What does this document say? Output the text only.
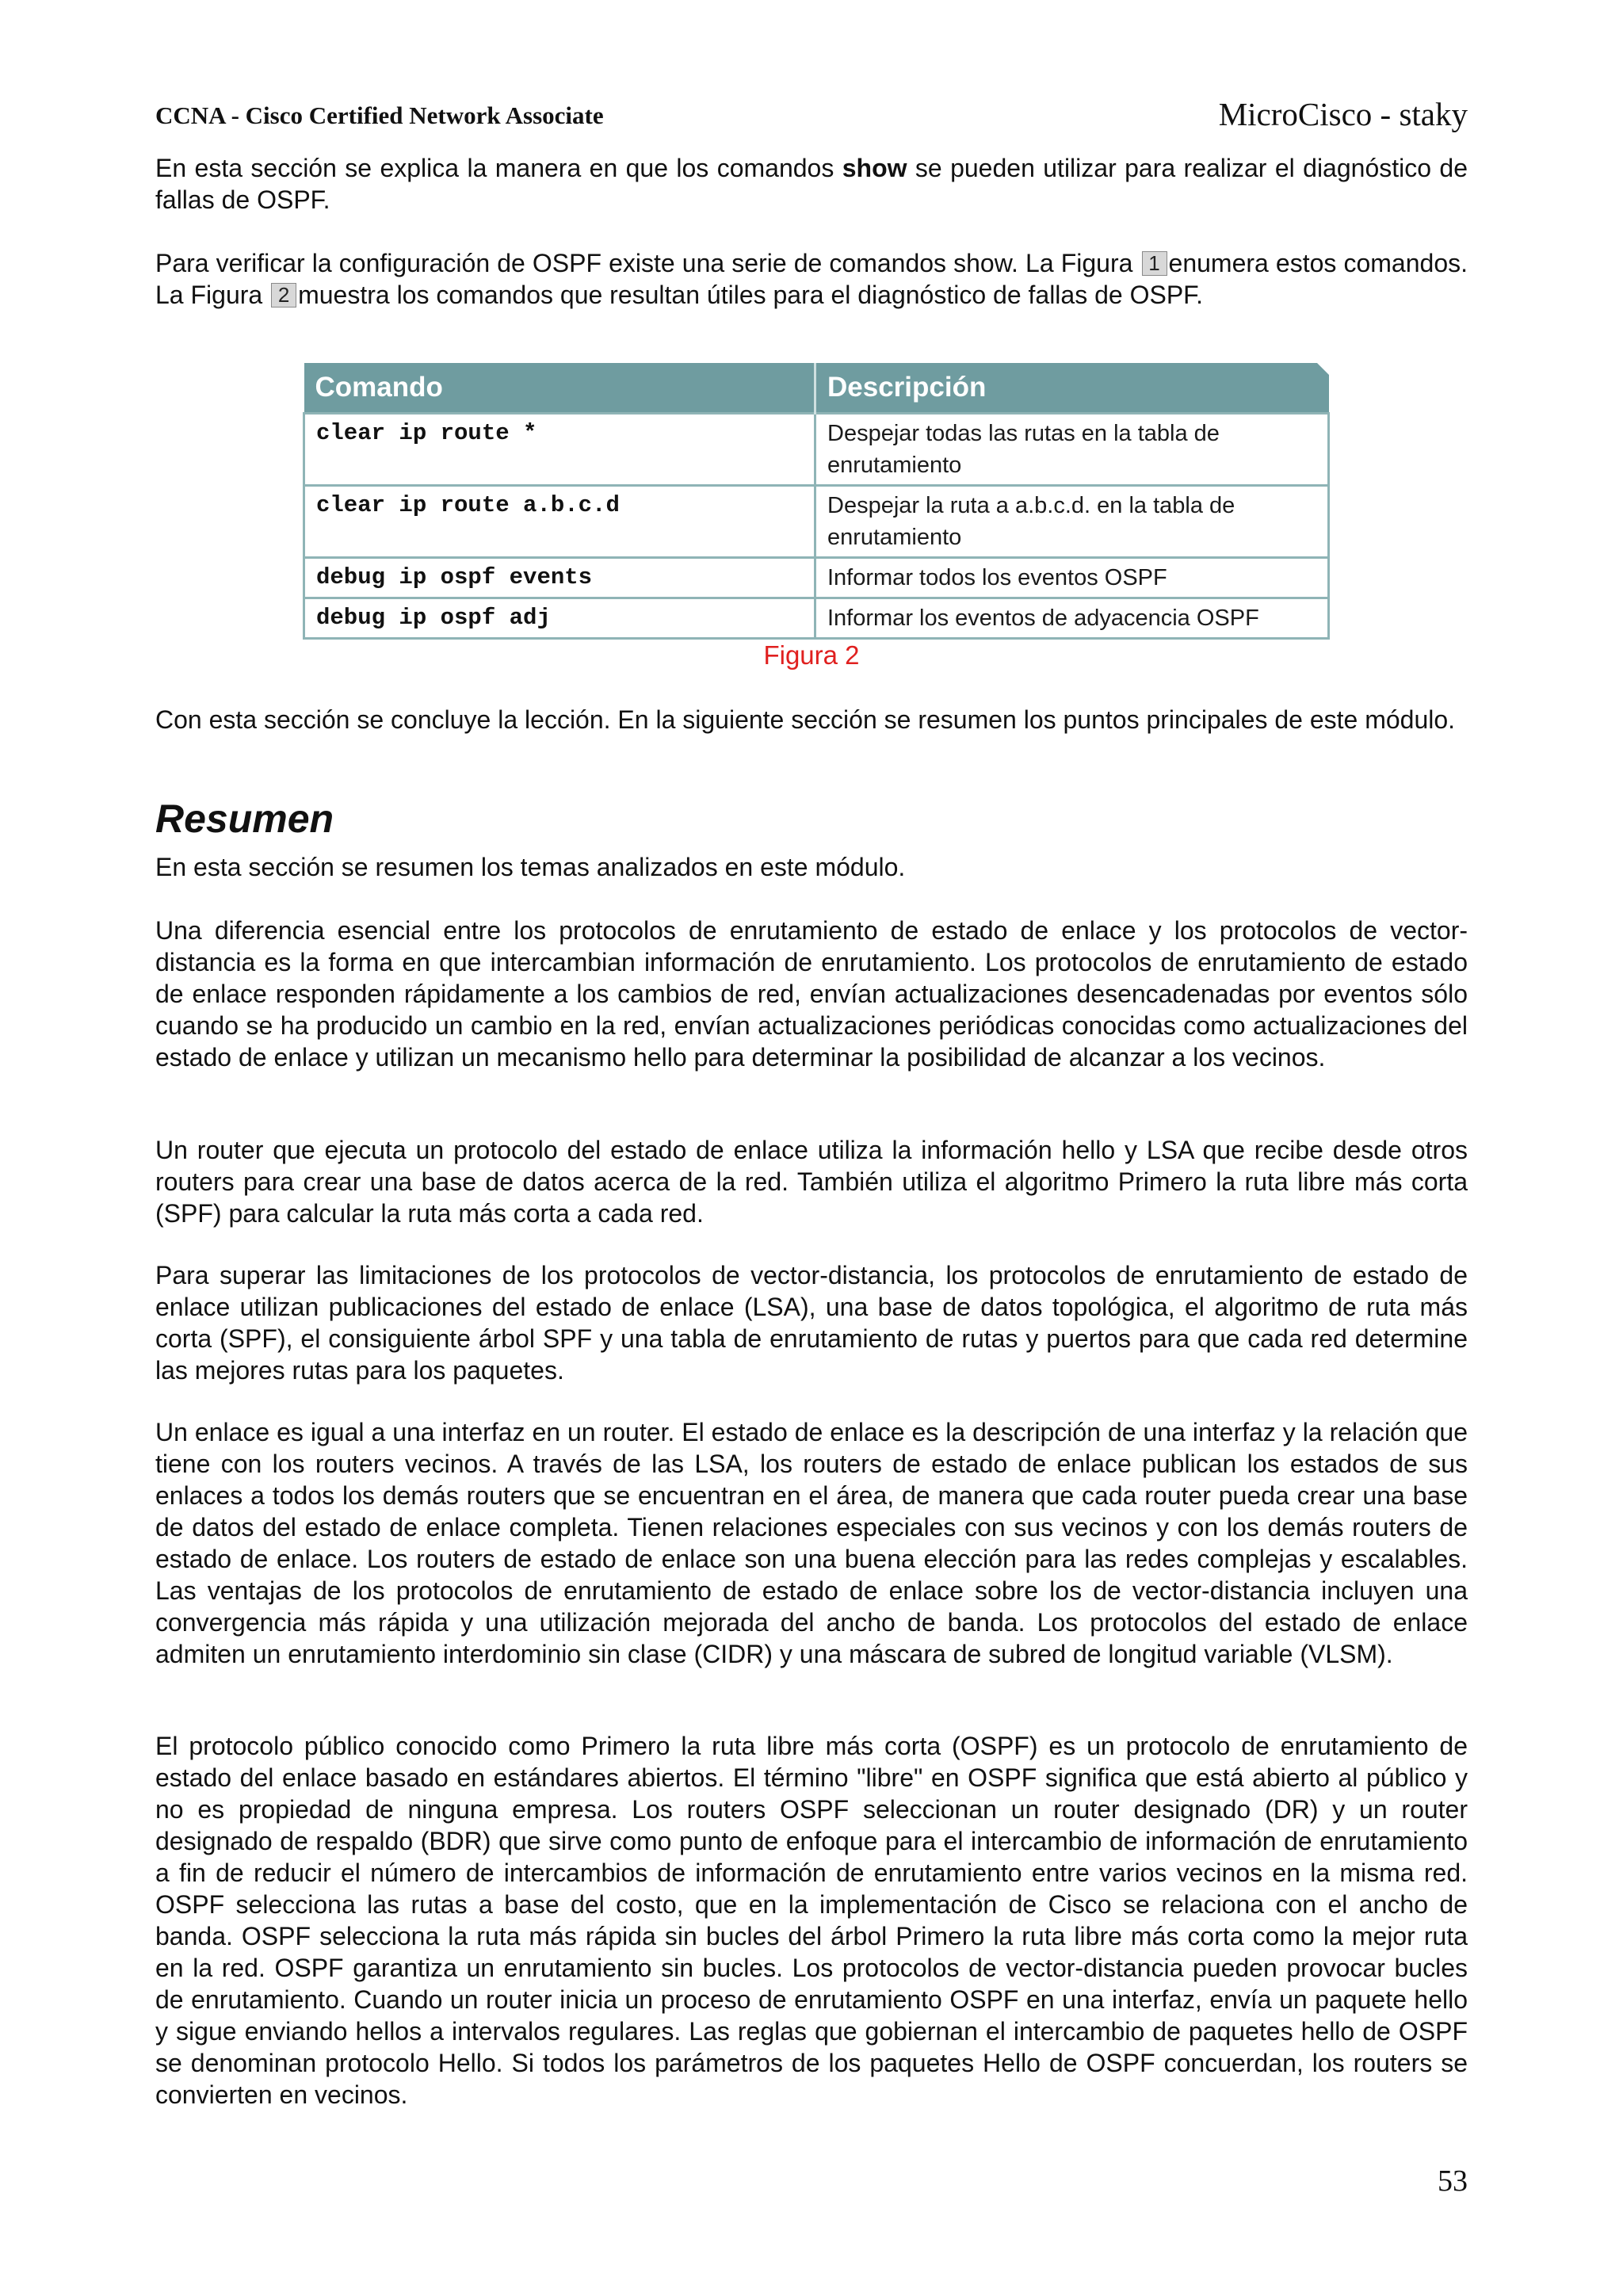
CCNA - Cisco Certified Network Associate	MicroCisco - staky

En esta sección se explica la manera en que los comandos show se pueden utilizar para realizar el diagnóstico de fallas de OSPF.

Para verificar la configuración de OSPF existe una serie de comandos show. La Figura 1 enumera estos comandos. La Figura 2 muestra los comandos que resultan útiles para el diagnóstico de fallas de OSPF.

Comando	Descripción
clear ip route *	Despejar todas las rutas en la tabla de enrutamiento
clear ip route a.b.c.d	Despejar la ruta a a.b.c.d. en la tabla de enrutamiento
debug ip ospf events	Informar todos los eventos OSPF
debug ip ospf adj	Informar los eventos de adyacencia OSPF
Figura 2

Con esta sección se concluye la lección. En la siguiente sección se resumen los puntos principales de este módulo.

Resumen

En esta sección se resumen los temas analizados en este módulo.

Una diferencia esencial entre los protocolos de enrutamiento de estado de enlace y los protocolos de vector-distancia es la forma en que intercambian información de enrutamiento. Los protocolos de enrutamiento de estado de enlace responden rápidamente a los cambios de red, envían actualizaciones desencadenadas por eventos sólo cuando se ha producido un cambio en la red, envían actualizaciones periódicas conocidas como actualizaciones del estado de enlace y utilizan un mecanismo hello para determinar la posibilidad de alcanzar a los vecinos.

Un router que ejecuta un protocolo del estado de enlace utiliza la información hello y LSA que recibe desde otros routers para crear una base de datos acerca de la red. También utiliza el algoritmo Primero la ruta libre más corta (SPF) para calcular la ruta más corta a cada red.

Para superar las limitaciones de los protocolos de vector-distancia, los protocolos de enrutamiento de estado de enlace utilizan publicaciones del estado de enlace (LSA), una base de datos topológica, el algoritmo de ruta más corta (SPF), el consiguiente árbol SPF y una tabla de enrutamiento de rutas y puertos para que cada red determine las mejores rutas para los paquetes.

Un enlace es igual a una interfaz en un router. El estado de enlace es la descripción de una interfaz y la relación que tiene con los routers vecinos. A través de las LSA, los routers de estado de enlace publican los estados de sus enlaces a todos los demás routers que se encuentran en el área, de manera que cada router pueda crear una base de datos del estado de enlace completa. Tienen relaciones especiales con sus vecinos y con los demás routers de estado de enlace. Los routers de estado de enlace son una buena elección para las redes complejas y escalables. Las ventajas de los protocolos de enrutamiento de estado de enlace sobre los de vector-distancia incluyen una convergencia más rápida y una utilización mejorada del ancho de banda. Los protocolos del estado de enlace admiten un enrutamiento interdominio sin clase (CIDR) y una máscara de subred de longitud variable (VLSM).

El protocolo público conocido como Primero la ruta libre más corta (OSPF) es un protocolo de enrutamiento de estado del enlace basado en estándares abiertos. El término "libre" en OSPF significa que está abierto al público y no es propiedad de ninguna empresa. Los routers OSPF seleccionan un router designado (DR) y un router designado de respaldo (BDR) que sirve como punto de enfoque para el intercambio de información de enrutamiento a fin de reducir el número de intercambios de información de enrutamiento entre varios vecinos en la misma red. OSPF selecciona las rutas a base del costo, que en la implementación de Cisco se relaciona con el ancho de banda. OSPF selecciona la ruta más rápida sin bucles del árbol Primero la ruta libre más corta como la mejor ruta en la red. OSPF garantiza un enrutamiento sin bucles. Los protocolos de vector-distancia pueden provocar bucles de enrutamiento. Cuando un router inicia un proceso de enrutamiento OSPF en una interfaz, envía un paquete hello y sigue enviando hellos a intervalos regulares. Las reglas que gobiernan el intercambio de paquetes hello de OSPF se denominan protocolo Hello. Si todos los parámetros de los paquetes Hello de OSPF concuerdan, los routers se convierten en vecinos.

53
